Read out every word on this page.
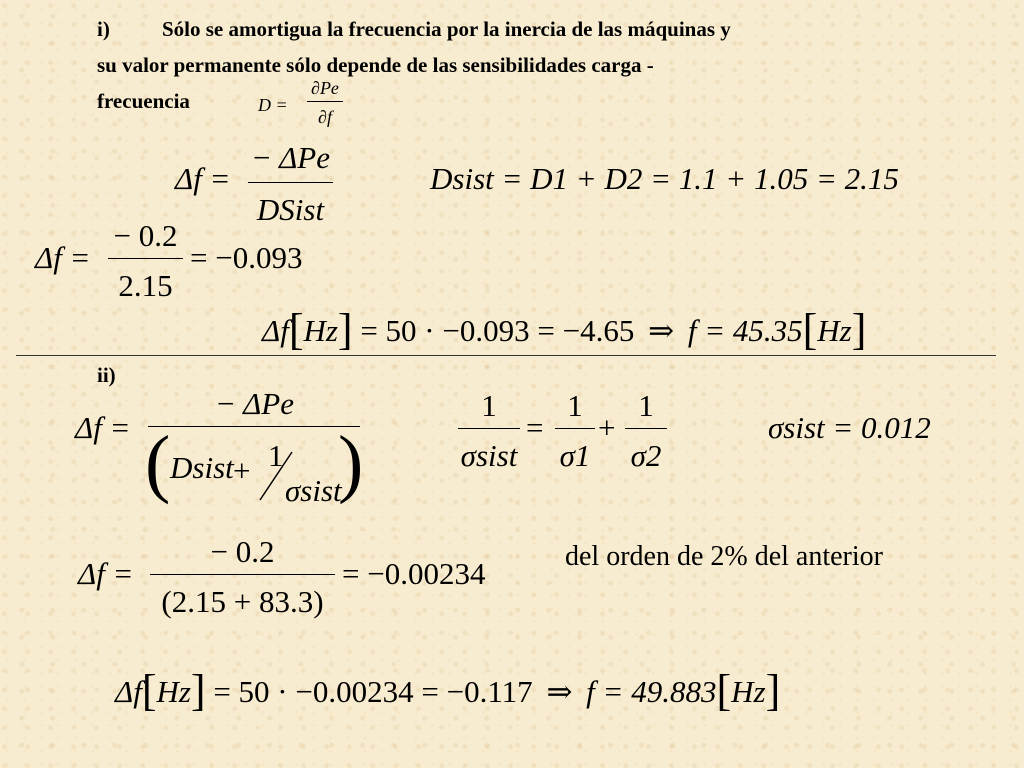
i) Sólo se amortigua la frecuencia por la inercia de las máquinas y
su valor permanente sólo depende de las sensibilidades carga -
frecuencia	D =
∂Pe
∂f
Δf =
− ΔPe
DSist
Dsist = D1 + D2 = 1.1 + 1.05 = 2.15
Δf =
− 0.2
2.15
= −0.093
Δf[Hz] = 50 · −0.093 = −4.65 ⇒ f = 45.35[Hz]
ii)
Δf =
− ΔPe
( Dsist + 1
σsist
)
1
σsist
=
1
σ1
+
1
σ2
σsist = 0.012
Δf =
− 0.2
(2.15 + 83.3)
= −0.00234	del orden de 2% del anterior
Δf[Hz] = 50 · −0.00234 = −0.117 ⇒ f = 49.883[Hz]
